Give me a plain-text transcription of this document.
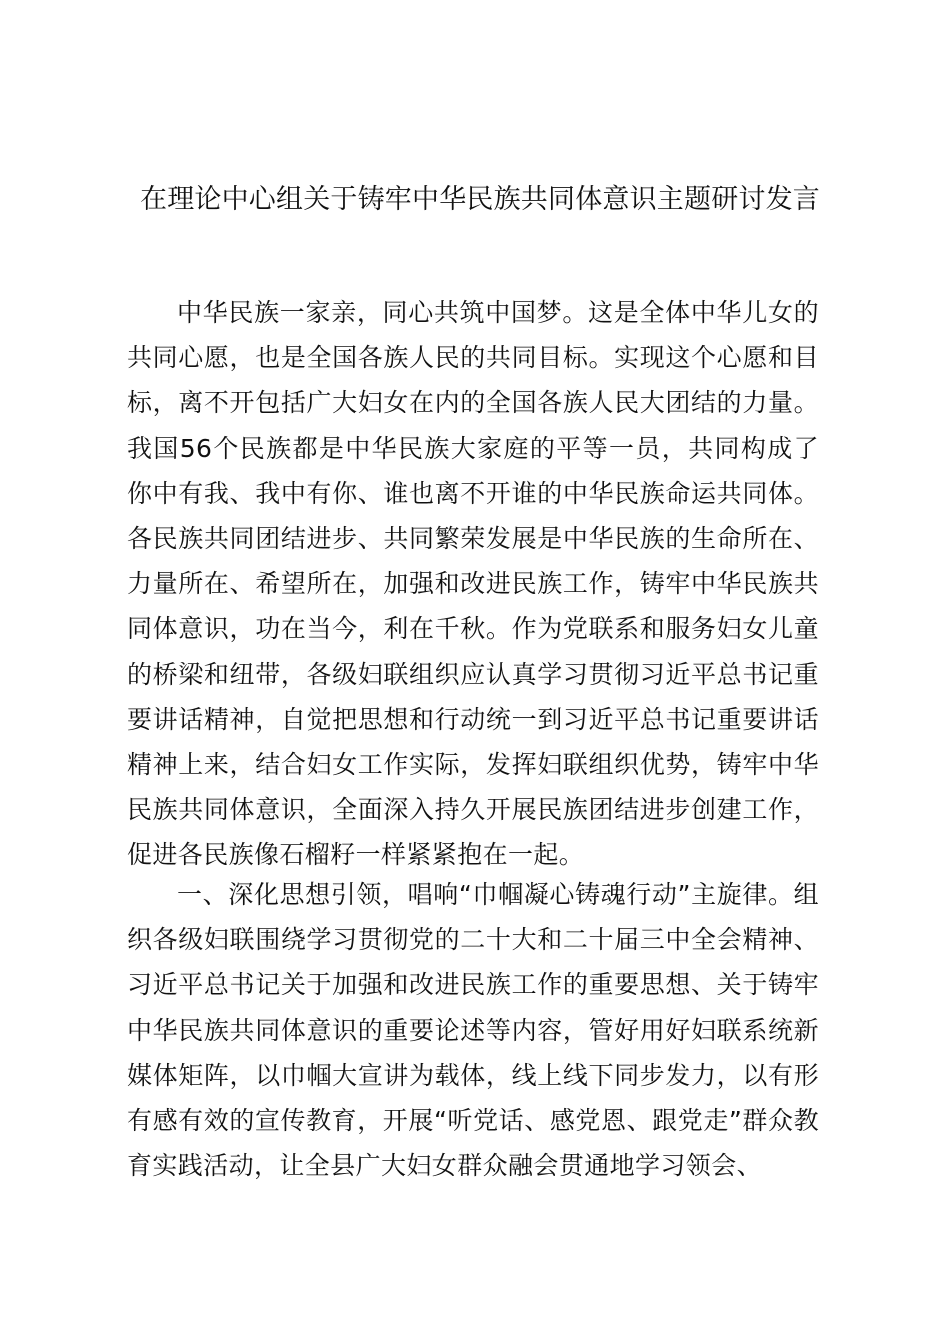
在理论中心组关于铸牢中华民族共同体意识主题研讨发言

中华民族一家亲，同心共筑中国梦。这是全体中华儿女的共同心愿，也是全国各族人民的共同目标。实现这个心愿和目标，离不开包括广大妇女在内的全国各族人民大团结的力量。我国56个民族都是中华民族大家庭的平等一员，共同构成了你中有我、我中有你、谁也离不开谁的中华民族命运共同体。各民族共同团结进步、共同繁荣发展是中华民族的生命所在、力量所在、希望所在，加强和改进民族工作，铸牢中华民族共同体意识，功在当今，利在千秋。作为党联系和服务妇女儿童的桥梁和纽带，各级妇联组织应认真学习贯彻习近平总书记重要讲话精神，自觉把思想和行动统一到习近平总书记重要讲话精神上来，结合妇女工作实际，发挥妇联组织优势，铸牢中华民族共同体意识，全面深入持久开展民族团结进步创建工作，促进各民族像石榴籽一样紧紧抱在一起。

一、深化思想引领，唱响“巾帼凝心铸魂行动”主旋律。组织各级妇联围绕学习贯彻党的二十大和二十届三中全会精神、习近平总书记关于加强和改进民族工作的重要思想、关于铸牢中华民族共同体意识的重要论述等内容，管好用好妇联系统新媒体矩阵，以巾帼大宣讲为载体，线上线下同步发力，以有形有感有效的宣传教育，开展“听党话、感党恩、跟党走”群众教育实践活动，让全县广大妇女群众融会贯通地学习领会、
